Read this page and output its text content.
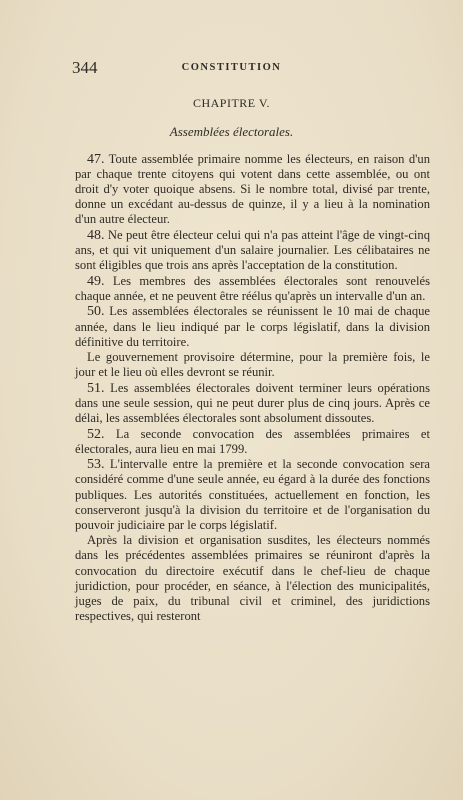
344	CONSTITUTION
CHAPITRE V.
Assemblées électorales.

47. Toute assemblée primaire nomme les électeurs, en raison d'un par chaque trente citoyens qui votent dans cette assemblée, ou ont droit d'y voter quoique absens. Si le nombre total, divisé par trente, donne un excédant au-dessus de quinze, il y a lieu à la nomination d'un autre électeur.

48. Ne peut être électeur celui qui n'a pas atteint l'âge de vingt-cinq ans, et qui vit uniquement d'un salaire journalier. Les célibataires ne sont éligibles que trois ans après l'acceptation de la constitution.

49. Les membres des assemblées électorales sont renouvelés chaque année, et ne peuvent être réélus qu'après un intervalle d'un an.

50. Les assemblées électorales se réunissent le 10 mai de chaque année, dans le lieu indiqué par le corps législatif, dans la division définitive du territoire.

Le gouvernement provisoire détermine, pour la première fois, le jour et le lieu où elles devront se réunir.

51. Les assemblées électorales doivent terminer leurs opérations dans une seule session, qui ne peut durer plus de cinq jours. Après ce délai, les assemblées électorales sont absolument dissoutes.

52. La seconde convocation des assemblées primaires et électorales, aura lieu en mai 1799.

53. L'intervalle entre la première et la seconde convocation sera considéré comme d'une seule année, eu égard à la durée des fonctions publiques. Les autorités constituées, actuellement en fonction, les conserveront jusqu'à la division du territoire et de l'organisation du pouvoir judiciaire par le corps législatif.

Après la division et organisation susdites, les électeurs nommés dans les précédentes assemblées primaires se réuniront d'après la convocation du directoire exécutif dans le chef-lieu de chaque juridiction, pour procéder, en séance, à l'élection des municipalités, juges de paix, du tribunal civil et criminel, des juridictions respectives, qui resteront
